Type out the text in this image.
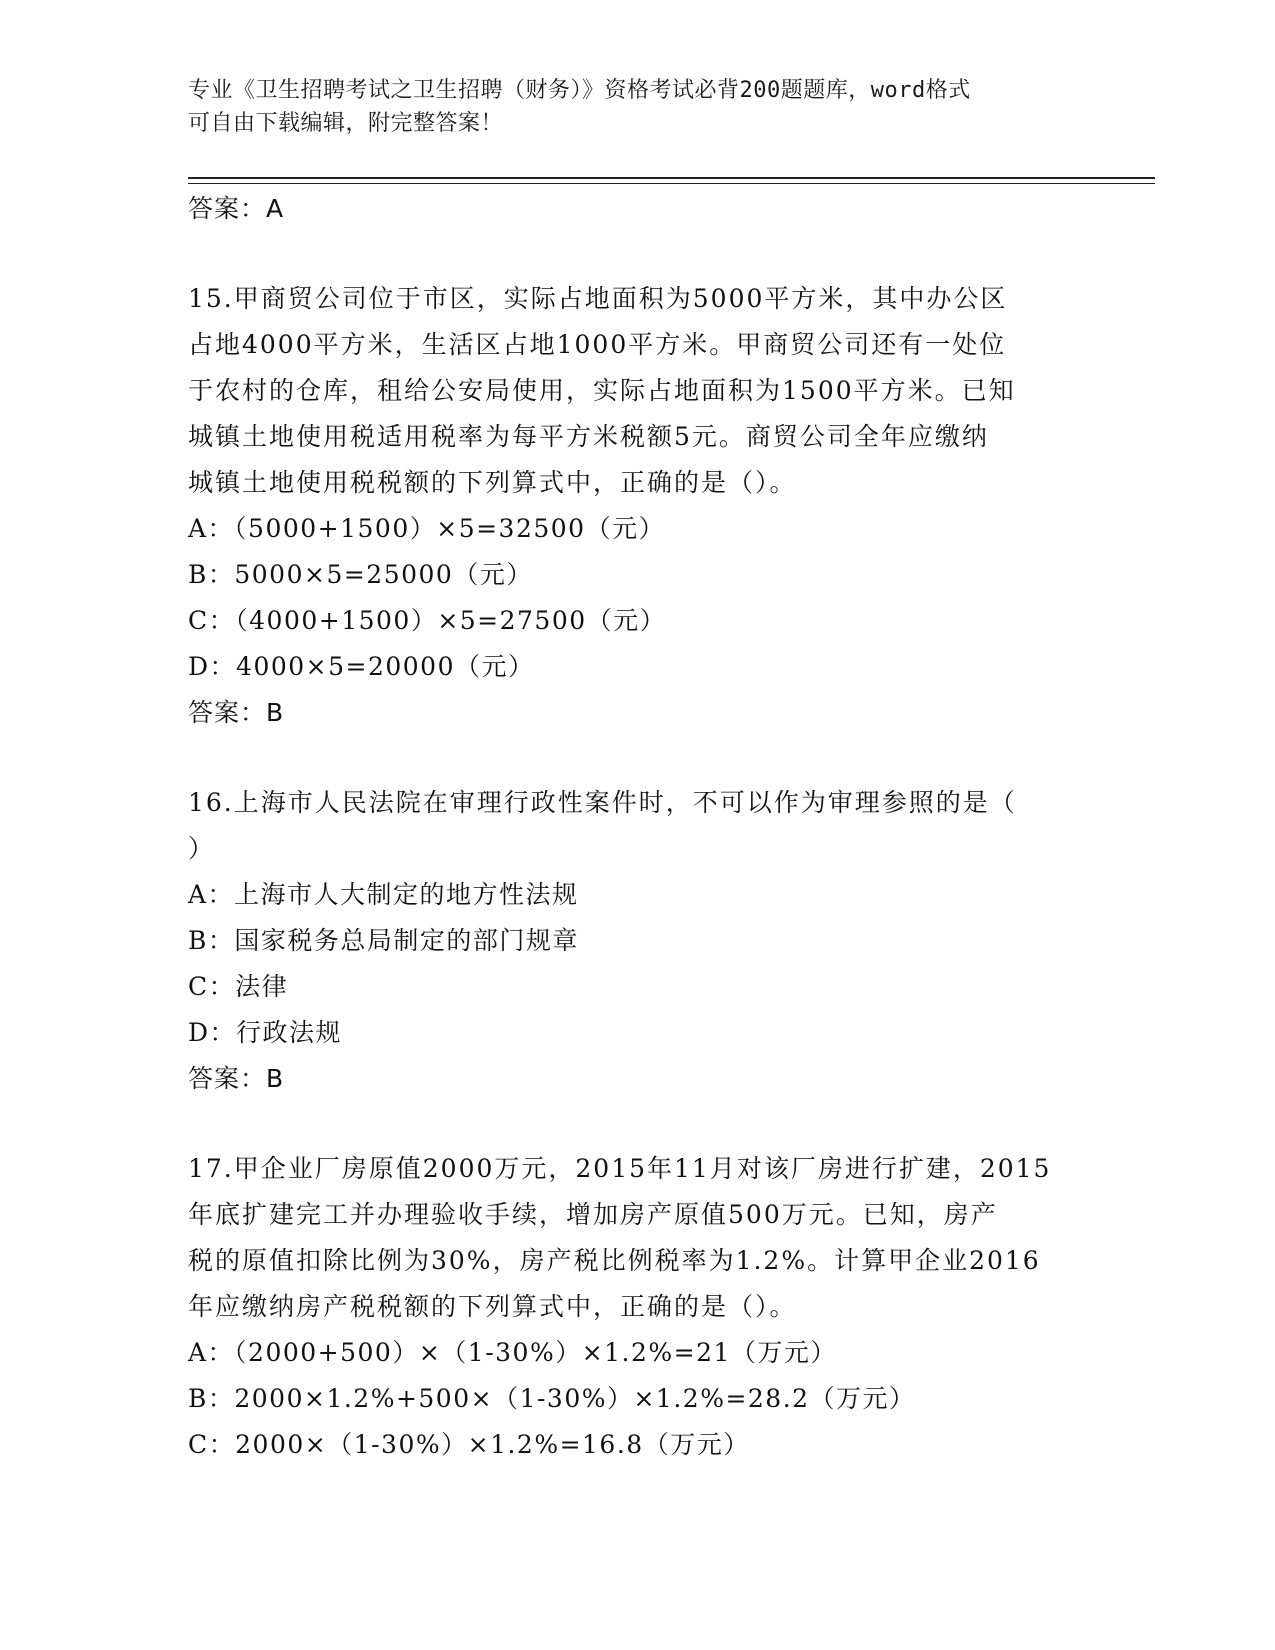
专业《卫生招聘考试之卫生招聘（财务）》资格考试必背200题题库，word格式
可自由下载编辑，附完整答案！
答案：A
15.甲商贸公司位于市区，实际占地面积为5000平方米，其中办公区
占地4000平方米，生活区占地1000平方米。甲商贸公司还有一处位
于农村的仓库，租给公安局使用，实际占地面积为1500平方米。已知
城镇土地使用税适用税率为每平方米税额5元。商贸公司全年应缴纳
城镇土地使用税税额的下列算式中，正确的是（）。
A：（5000+1500）×5=32500（元）
B：5000×5=25000（元）
C：（4000+1500）×5=27500（元）
D：4000×5=20000（元）
答案：B
16.上海市人民法院在审理行政性案件时，不可以作为审理参照的是（
）
A：上海市人大制定的地方性法规
B：国家税务总局制定的部门规章
C：法律
D：行政法规
答案：B
17.甲企业厂房原值2000万元，2015年11月对该厂房进行扩建，2015
年底扩建完工并办理验收手续，增加房产原值500万元。已知，房产
税的原值扣除比例为30%，房产税比例税率为1.2%。计算甲企业2016
年应缴纳房产税税额的下列算式中，正确的是（）。
A：（2000+500）×（1-30%）×1.2%=21（万元）
B：2000×1.2%+500×（1-30%）×1.2%=28.2（万元）
C：2000×（1-30%）×1.2%=16.8（万元）
